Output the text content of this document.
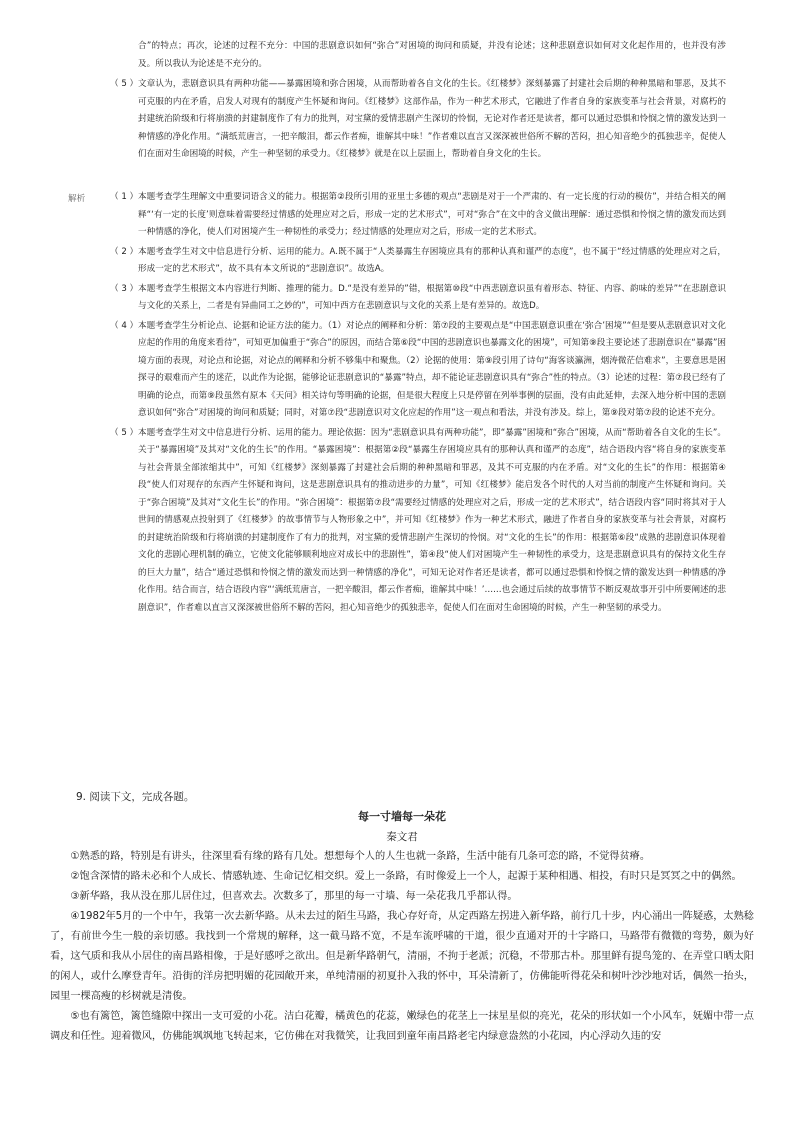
合”的特点；再次，论述的过程不充分：中国的悲剧意识如何“弥合”对困境的询问和质疑，并没有论述；这种悲剧意识如何对文化起作用的，也并没有涉及。所以我认为论述是不充分的。

（ 5 ） 文章认为，悲剧意识具有两种功能——暴露困境和弥合困境，从而帮助着各自文化的生长。《红楼梦》深刻暴露了封建社会后期的种种黑暗和罪恶，及其不可克服的内在矛盾，启发人对现有的制度产生怀疑和询问。《红楼梦》这部作品，作为一种艺术形式，它融进了作者自身的家族变革与社会背景，对腐朽的封建统治阶级和行将崩溃的封建制度作了有力的批判，对宝黛的爱情悲剧产生深切的怜悯，无论对作者还是读者，都可以通过恐惧和怜悯之情的激发达到一种情感的净化作用。“满纸荒唐言，一把辛酸泪，都云作者痴，谁解其中味！”作者难以直言又深深被世俗所不解的苦闷，担心知音绝少的孤独悲辛，促使人们在面对生命困境的时候，产生一种坚韧的承受力。《红楼梦》就是在以上层面上，帮助着自身文化的生长。

解析	（ 1 ） 本题考查学生理解文中重要词语含义的能力。根据第②段所引用的亚里士多德的观点“悲剧是对于一个严肃的、有一定长度的行动的模仿”，并结合相关的阐释“‘有一定的长度’则意味着需要经过情感的处理应对之后，形成一定的艺术形式”，可对“弥合”在文中的含义做出理解：通过恐惧和怜悯之情的激发而达到一种情感的净化，使人们对困境产生一种韧性的承受力；经过情感的处理应对之后，形成一定的艺术形式。

（ 2 ） 本题考查学生对文中信息进行分析、运用的能力。A.既不属于“人类暴露生存困境应具有的那种认真和谨严的态度”，也不属于“经过情感的处理应对之后，形成一定的艺术形式”，故不具有本文所说的“悲剧意识”。故选A。

（ 3 ） 本题考查学生根据文本内容进行判断、推理的能力。D.“是没有差异的”错，根据第⑩段“中西悲剧意识虽有着形态、特征、内容、韵味的差异”“在悲剧意识与文化的关系上，二者是有异曲同工之妙的”，可知中西方在悲剧意识与文化的关系上是有差异的。故选D。

（ 4 ） 本题考查学生分析论点、论据和论证方法的能力。（1）对论点的阐释和分析：第⑦段的主要观点是“中国悲剧意识重在‘弥合’困境”“但是要从悲剧意识对文化应起的作用的角度来看待”，可知更加偏重于“弥合”的原因，而结合第⑥段“中国的悲剧意识也暴露文化的困境”，可知第⑨段主要论述了悲剧意识在“暴露”困境方面的表现，对论点和论据，对论点的阐释和分析不够集中和聚焦。（2）论据的使用：第⑨段引用了诗句“海客谈瀛洲，烟涛微茫信难求”，主要意思是困探寻的艰难而产生的迷茫，以此作为论据，能够论证悲剧意识的“暴露”特点，却不能论证悲剧意识具有“弥合”性的特点。（3）论述的过程：第⑦段已经有了明确的论点，而第⑨段虽然有原本《天问》相关诗句等明确的论据，但是很大程度上只是停留在列举事例的层面，没有由此延伸，去深入地分析中国的悲剧意识如何“弥合”对困境的询问和质疑；同时，对第⑦段“悲剧意识对文化应起的作用”这一观点和看法，并没有涉及。综上，第⑨段对第⑦段的论述不充分。

（ 5 ） 本题考查学生对文中信息进行分析、运用的能力。理论依据：因为“悲剧意识具有两种功能”，即“暴露”困境和“弥合”困境，从而“帮助着各自文化的生长”。关于“暴露困境”及其对“文化的生长”的作用。“暴露困境”：根据第②段“暴露生存困境应具有的那种认真和谨严的态度”，结合语段内容“将自身的家族变革与社会背景全部浓缩其中”，可知《红楼梦》深刻暴露了封建社会后期的种种黑暗和罪恶，及其不可克服的内在矛盾。对“文化的生长”的作用：根据第④段“使人们对现存的东西产生怀疑和询问，这是悲剧意识具有的推动进步的力量”，可知《红楼梦》能启发各个时代的人对当前的制度产生怀疑和询问。关于“弥合困境”及其对“文化生长”的作用。“弥合困境”：根据第⑦段“需要经过情感的处理应对之后，形成一定的艺术形式”，结合语段内容“同时将其对于人世间的情感观点投射到了《红楼梦》的故事情节与人物形象之中”，并可知《红楼梦》作为一种艺术形式，融进了作者自身的家族变革与社会背景，对腐朽的封建统治阶级和行将崩溃的封建制度作了有力的批判，对宝黛的爱情悲剧产生深切的怜悯。对“文化的生长”的作用：根据第⑥段“成熟的悲剧意识体现着文化的悲剧心理机制的确立，它使文化能够顺利地应对成长中的悲剧性”，第④段“使人们对困境产生一种韧性的承受力，这是悲剧意识具有的保持文化生存的巨大力量”，结合“通过恐惧和怜悯之情的激发而达到一种情感的净化”，可知无论对作者还是读者，都可以通过恐惧和怜悯之情的激发达到一种情感的净化作用。结合而言，结合语段内容“‘满纸荒唐言，一把辛酸泪，都云作者痴，谁解其中味！’……也会通过后续的故事情节不断反观故事开引中所要阐述的悲剧意识”，作者难以直言又深深被世俗所不解的苦闷，担心知音绝少的孤独悲辛，促使人们在面对生命困境的时候，产生一种坚韧的承受力。

9. 阅读下文，完成各题。

每一寸墙每一朵花

秦文君

①熟悉的路，特别是有讲头，往深里看有缘的路有几处。想想每个人的人生也就一条路，生活中能有几条可恋的路，不觉得贫瘠。

②饱含深情的路未必和个人成长、情感轨迹、生命记忆相交织。爱上一条路，有时像爱上一个人，起源于某种相遇、相投，有时只是冥冥之中的偶然。

③新华路，我从没在那儿居住过，但喜欢去。次数多了，那里的每一寸墙、每一朵花我几乎都认得。

④1982年5月的一个中午，我第一次去新华路。从未去过的陌生马路，我心存好奇，从定西路左拐进入新华路，前行几十步，内心涌出一阵疑惑，太熟稔了，有前世今生一般的亲切感。我找到一个常规的解释，这一截马路不宽，不是车流呼啸的干道，很少直通对开的十字路口，马路带有微微的弯势，颇为好看，这气质和我从小居住的南昌路相像，于是好感呼之欲出。但是新华路朝气，清丽，不拘于老派；沉稳，不带那古朴。那里鲜有提鸟笼的、在弄堂口晒太阳的闲人，或什么摩登青年。沿街的洋房把明媚的花园敞开来，单纯清丽的初夏扑入我的怀中，耳朵清新了，仿佛能听得花朵和树叶沙沙地对话，偶然一抬头，园里一棵高瘦的杉树就是清俊。

⑤也有篱笆，篱笆缝隙中探出一支可爱的小花。洁白花瓣，橘黄色的花蕊，嫩绿色的花茎上一抹星星似的亮光，花朵的形状如一个小风车，妩媚中带一点调皮和任性。迎着微风，仿佛能飒飒地飞转起来，它仿佛在对我微笑，让我回到童年南昌路老宅内绿意盎然的小花园，内心浮动久违的安
